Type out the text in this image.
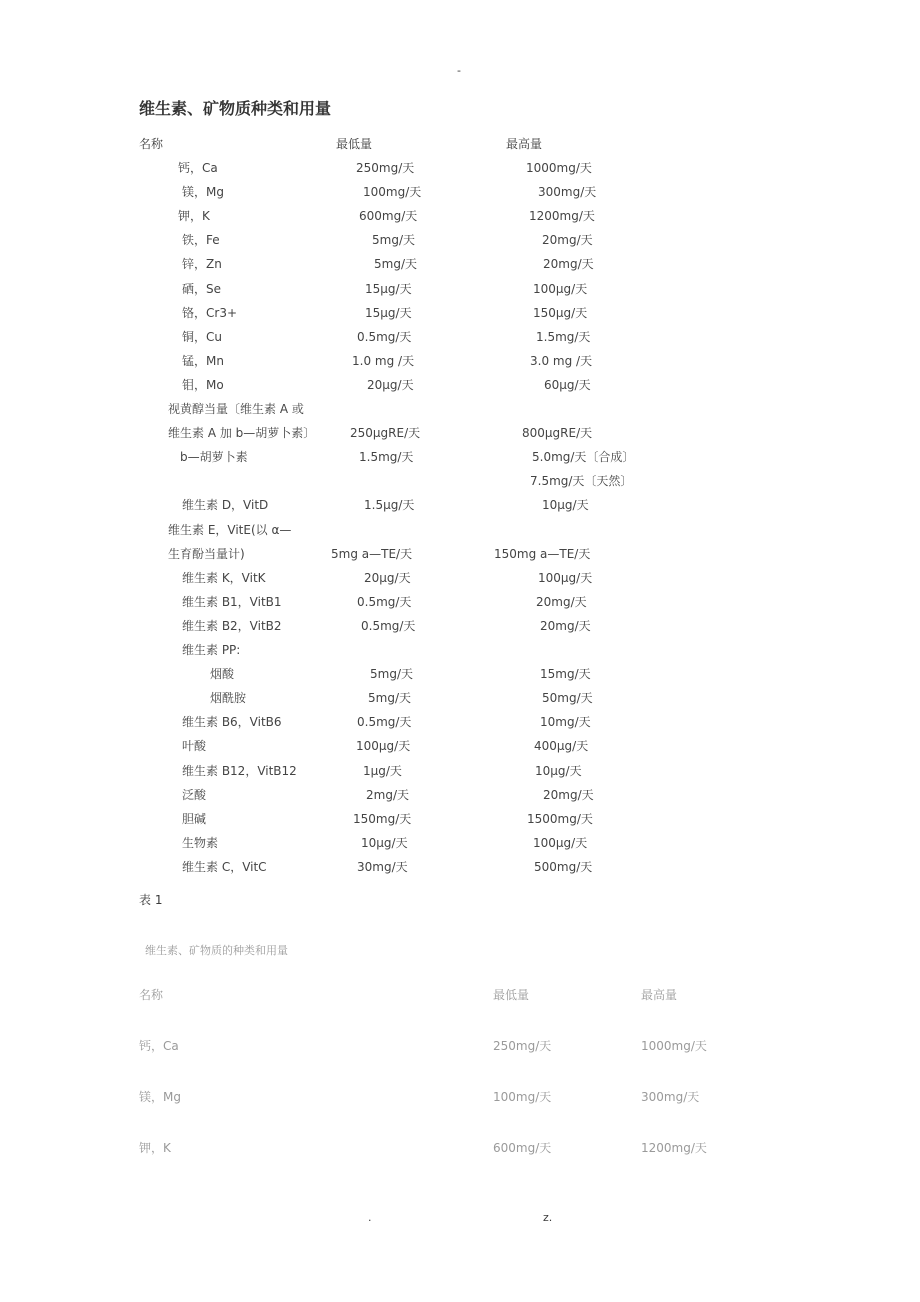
-
维生素、矿物质种类和用量
名称	最低量	最高量
钙，Ca	250mg/天	1000mg/天
镁，Mg	100mg/天	300mg/天
钾，K	600mg/天	1200mg/天
铁，Fe	5mg/天	20mg/天
锌，Zn	5mg/天	20mg/天
硒，Se	15µg/天	100µg/天
铬，Cr3+	15µg/天	150µg/天
铜，Cu	0.5mg/天	1.5mg/天
锰，Mn	1.0 mg /天	3.0 mg /天
钼，Mo	20µg/天	60µg/天
视黄醇当量〔维生素 A 或
维生素 A 加 b—胡萝卜素〕	250µgRE/天	800µgRE/天
b—胡萝卜素	1.5mg/天	5.0mg/天〔合成〕
7.5mg/天〔天然〕
维生素 D，VitD	1.5µg/天	10µg/天
维生素 E，VitE(以 α—
生育酚当量计)	5mg a—TE/天	150mg a—TE/天
维生素 K，VitK	20µg/天	100µg/天
维生素 B1，VitB1	0.5mg/天	20mg/天
维生素 B2，VitB2	0.5mg/天	20mg/天
维生素 PP:
烟酸	5mg/天	15mg/天
烟酰胺	5mg/天	50mg/天
维生素 B6，VitB6	0.5mg/天	10mg/天
叶酸	100µg/天	400µg/天
维生素 B12，VitB12	1µg/天	10µg/天
泛酸	2mg/天	20mg/天
胆碱	150mg/天	1500mg/天
生物素	10µg/天	100µg/天
维生素 C，VitC	30mg/天	500mg/天
表 1
维生素、矿物质的种类和用量
名称	最低量	最高量
钙，Ca	250mg/天	1000mg/天
镁，Mg	100mg/天	300mg/天
钾，K	600mg/天	1200mg/天
.	z.
